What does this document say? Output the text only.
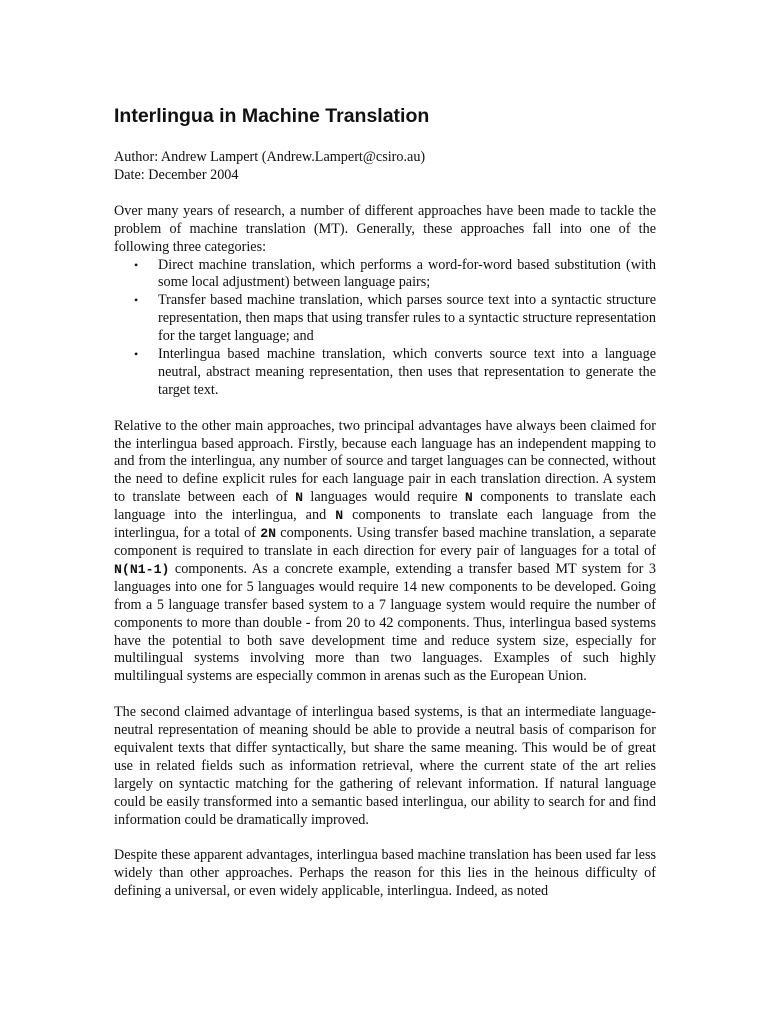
Interlingua in Machine Translation

Author: Andrew Lampert (Andrew.Lampert@csiro.au)

Date: December 2004

Over many years of research, a number of different approaches have been made to tackle the problem of machine translation (MT). Generally, these approaches fall into one of the following three categories:

• Direct machine translation, which performs a word-for-word based substitution (with some local adjustment) between language pairs;
• Transfer based machine translation, which parses source text into a syntactic structure representation, then maps that using transfer rules to a syntactic structure representation for the target language; and
• Interlingua based machine translation, which converts source text into a language neutral, abstract meaning representation, then uses that representation to generate the target text.

Relative to the other main approaches, two principal advantages have always been claimed for the interlingua based approach. Firstly, because each language has an independent mapping to and from the interlingua, any number of source and target languages can be connected, without the need to define explicit rules for each language pair in each translation direction. A system to translate between each of N languages would require N components to translate each language into the interlingua, and N components to translate each language from the interlingua, for a total of 2N components. Using transfer based machine translation, a separate component is required to translate in each direction for every pair of languages for a total of N(N1-1) components. As a concrete example, extending a transfer based MT system for 3 languages into one for 5 languages would require 14 new components to be developed. Going from a 5 language transfer based system to a 7 language system would require the number of components to more than double - from 20 to 42 components. Thus, interlingua based systems have the potential to both save development time and reduce system size, especially for multilingual systems involving more than two languages. Examples of such highly multilingual systems are especially common in arenas such as the European Union.

The second claimed advantage of interlingua based systems, is that an intermediate language-neutral representation of meaning should be able to provide a neutral basis of comparison for equivalent texts that differ syntactically, but share the same meaning. This would be of great use in related fields such as information retrieval, where the current state of the art relies largely on syntactic matching for the gathering of relevant information. If natural language could be easily transformed into a semantic based interlingua, our ability to search for and find information could be dramatically improved.

Despite these apparent advantages, interlingua based machine translation has been used far less widely than other approaches. Perhaps the reason for this lies in the heinous difficulty of defining a universal, or even widely applicable, interlingua. Indeed, as noted
